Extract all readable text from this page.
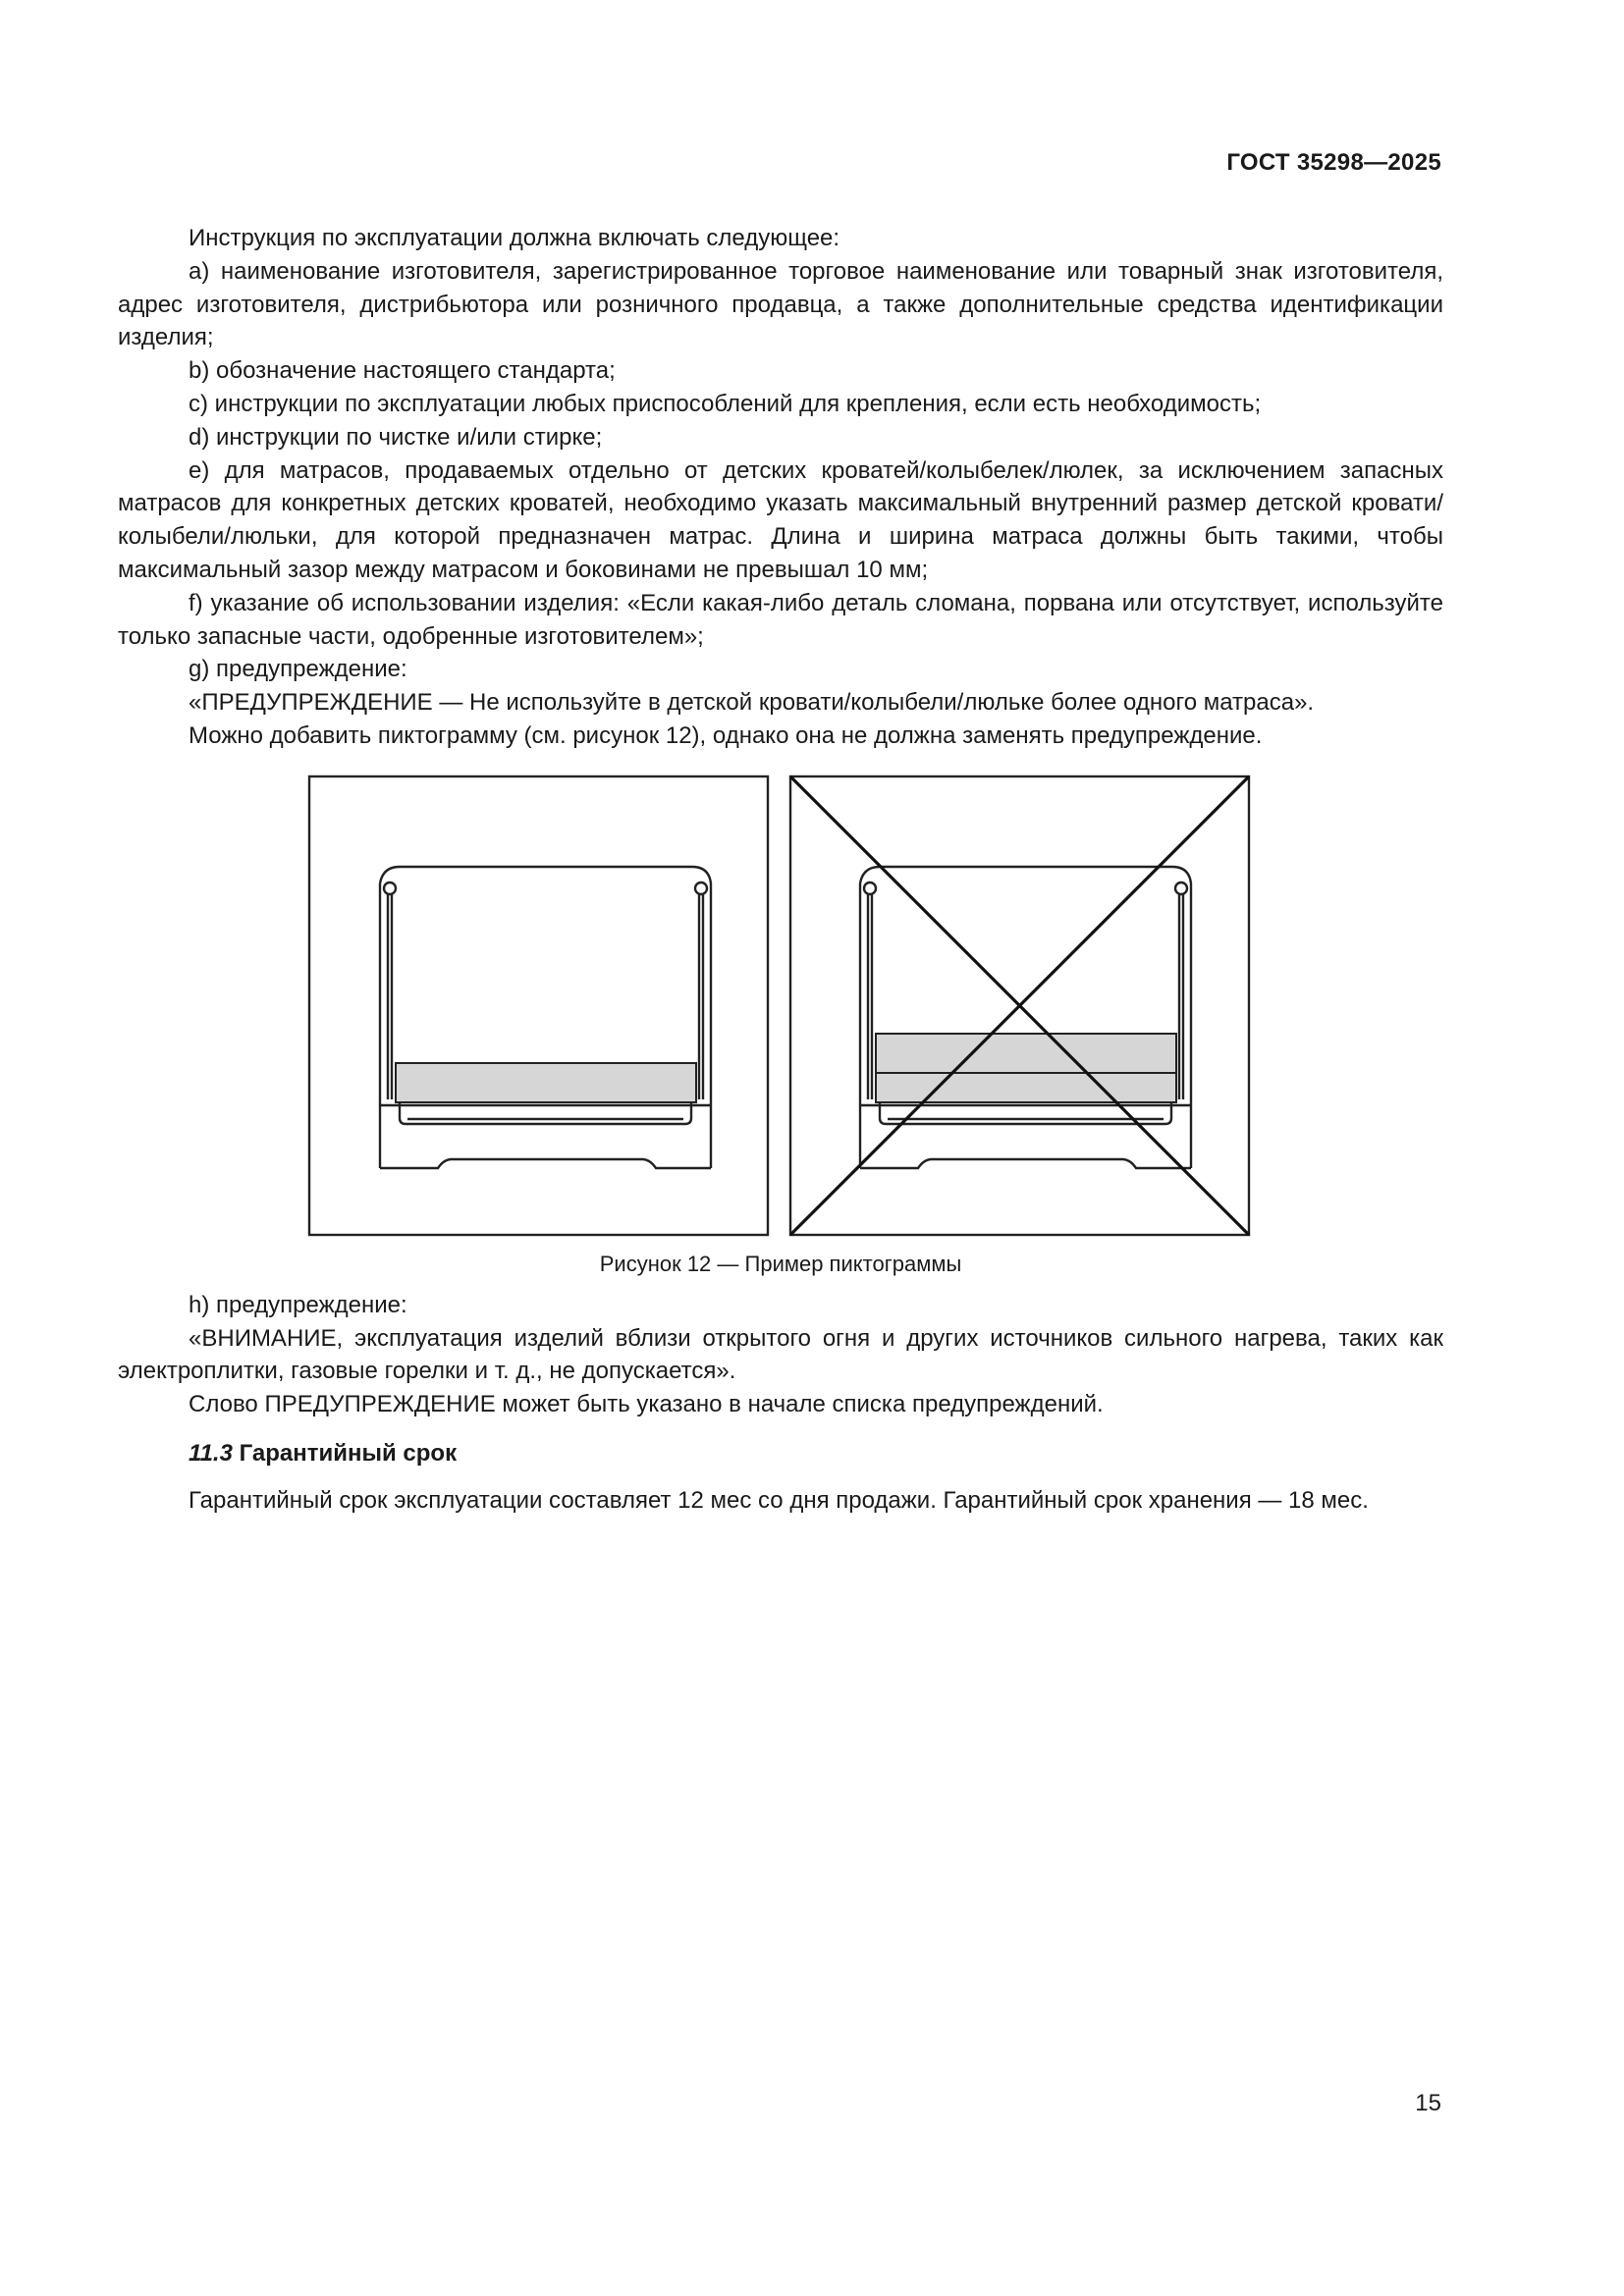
ГОСТ 35298—2025

Инструкция по эксплуатации должна включать следующее:

a) наименование изготовителя, зарегистрированное торговое наименование или товарный знак изготовителя, адрес изготовителя, дистрибьютора или розничного продавца, а также дополнительные средства идентификации изделия;

b) обозначение настоящего стандарта;

c) инструкции по эксплуатации любых приспособлений для крепления, если есть необходимость;

d) инструкции по чистке и/или стирке;

e) для матрасов, продаваемых отдельно от детских кроватей/колыбелек/люлек, за исключением запасных матрасов для конкретных детских кроватей, необходимо указать максимальный внутренний размер детской кровати/колыбели/люльки, для которой предназначен матрас. Длина и ширина матраса должны быть такими, чтобы максимальный зазор между матрасом и боковинами не превышал 10 мм;

f) указание об использовании изделия: «Если какая-либо деталь сломана, порвана или отсутствует, используйте только запасные части, одобренные изготовителем»;

g) предупреждение:

«ПРЕДУПРЕЖДЕНИЕ — Не используйте в детской кровати/колыбели/люльке более одного матраса».

Можно добавить пиктограмму (см. рисунок 12), однако она не должна заменять предупреждение.

Рисунок 12 — Пример пиктограммы

h) предупреждение:

«ВНИМАНИЕ, эксплуатация изделий вблизи открытого огня и других источников сильного нагрева, таких как электроплитки, газовые горелки и т. д., не допускается».

Слово ПРЕДУПРЕЖДЕНИЕ может быть указано в начале списка предупреждений.

11.3 Гарантийный срок

Гарантийный срок эксплуатации составляет 12 мес со дня продажи. Гарантийный срок хранения — 18 мес.

15
